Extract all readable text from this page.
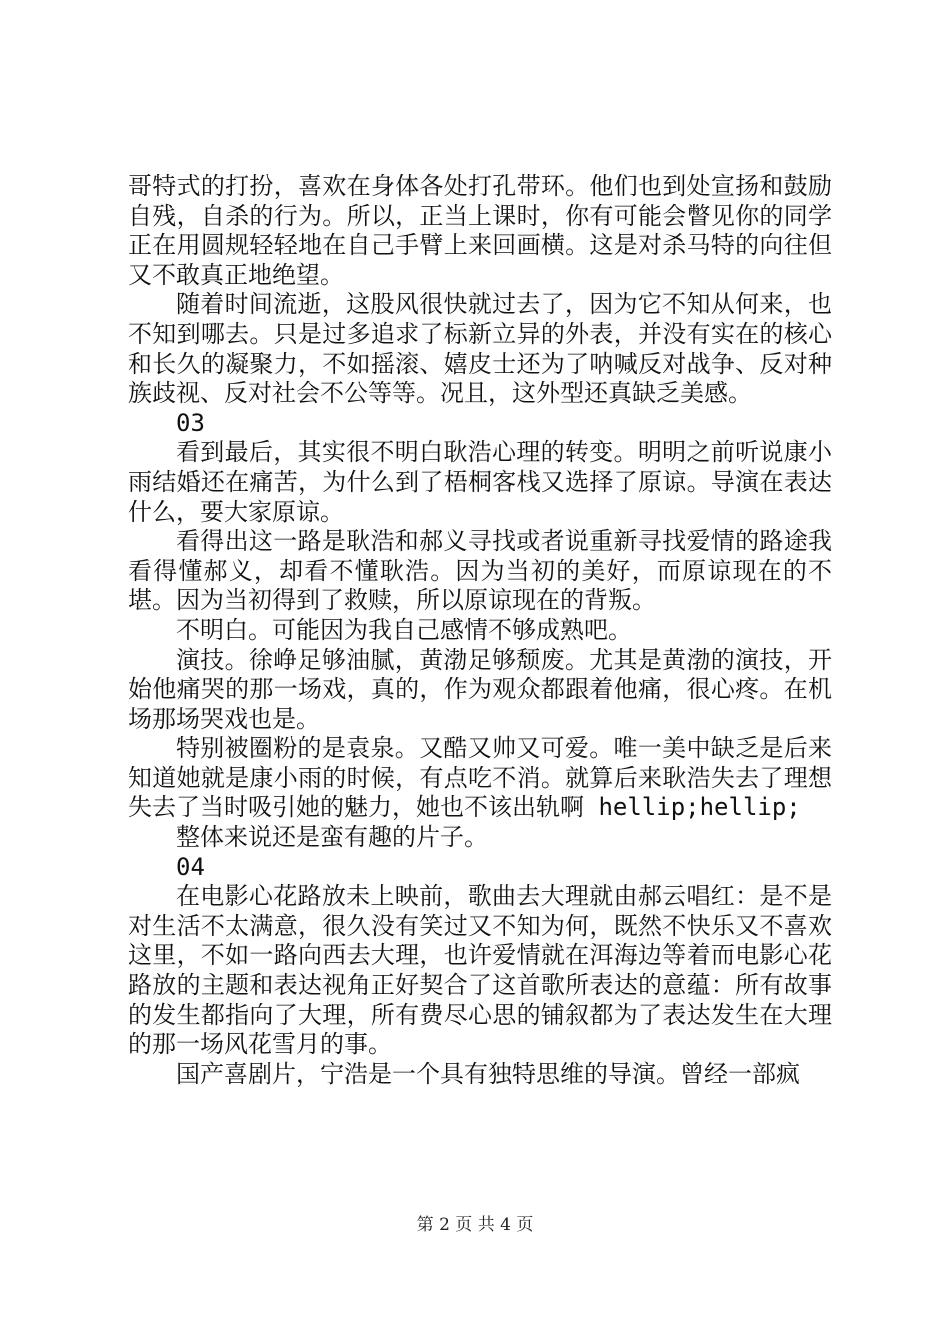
哥特式的打扮，喜欢在身体各处打孔带环。他们也到处宣扬和鼓励自残，自杀的行为。所以，正当上课时，你有可能会瞥见你的同学正在用圆规轻轻地在自己手臂上来回画横。这是对杀马特的向往但又不敢真正地绝望。

随着时间流逝，这股风很快就过去了，因为它不知从何来，也不知到哪去。只是过多追求了标新立异的外表，并没有实在的核心和长久的凝聚力，不如摇滚、嬉皮士还为了呐喊反对战争、反对种族歧视、反对社会不公等等。况且，这外型还真缺乏美感。

03

看到最后，其实很不明白耿浩心理的转变。明明之前听说康小雨结婚还在痛苦，为什么到了梧桐客栈又选择了原谅。导演在表达什么，要大家原谅。

看得出这一路是耿浩和郝义寻找或者说重新寻找爱情的路途我看得懂郝义，却看不懂耿浩。因为当初的美好，而原谅现在的不堪。因为当初得到了救赎，所以原谅现在的背叛。

不明白。可能因为我自己感情不够成熟吧。

演技。徐峥足够油腻，黄渤足够颓废。尤其是黄渤的演技，开始他痛哭的那一场戏，真的，作为观众都跟着他痛，很心疼。在机场那场哭戏也是。

特别被圈粉的是袁泉。又酷又帅又可爱。唯一美中缺乏是后来知道她就是康小雨的时候，有点吃不消。就算后来耿浩失去了理想失去了当时吸引她的魅力，她也不该出轨啊 hellip;hellip;

整体来说还是蛮有趣的片子。

04

在电影心花路放未上映前，歌曲去大理就由郝云唱红：是不是对生活不太满意，很久没有笑过又不知为何，既然不快乐又不喜欢这里，不如一路向西去大理，也许爱情就在洱海边等着而电影心花路放的主题和表达视角正好契合了这首歌所表达的意蕴：所有故事的发生都指向了大理，所有费尽心思的铺叙都为了表达发生在大理的那一场风花雪月的事。

国产喜剧片，宁浩是一个具有独特思维的导演。曾经一部疯

第 2 页 共 4 页
